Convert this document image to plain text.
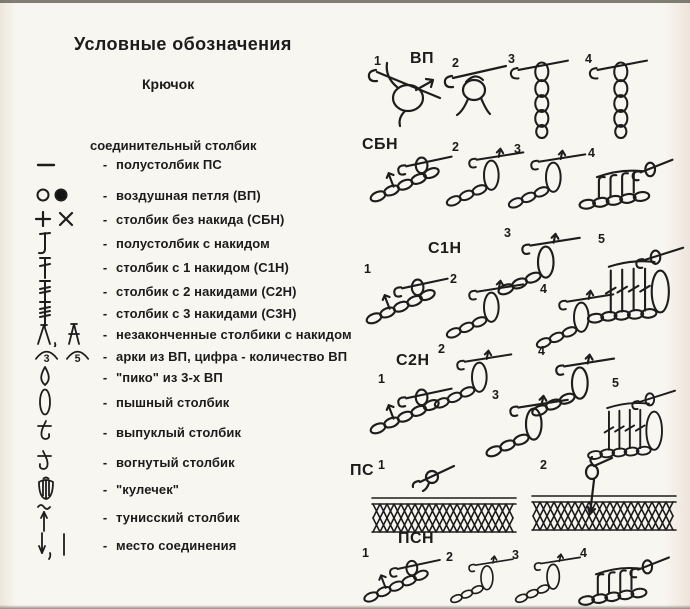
Условные обозначения
Крючок
соединительный столбик
- полустолбик ПС
- воздушная петля (ВП)
- столбик без накида (СБН)
- полустолбик с накидом
- столбик с 1 накидом (С1Н)
- столбик с 2 накидами (С2Н)
- столбик с 3 накидами (С3Н)
- незаконченные столбики с накидом
3 5	- арки из ВП, цифра - количество ВП
- "пико" из 3-х ВП
- пышный столбик
- выпуклый столбик
- вогнутый столбик
- "кулечек"
- тунисский столбик
- место соединения
ВП
1	2	3	4
СБН	2	3	4
С1Н
1
2
3
4
5
С2Н
1
2
3
4
5
ПС 1	2
ПСН
1	2	3	4
